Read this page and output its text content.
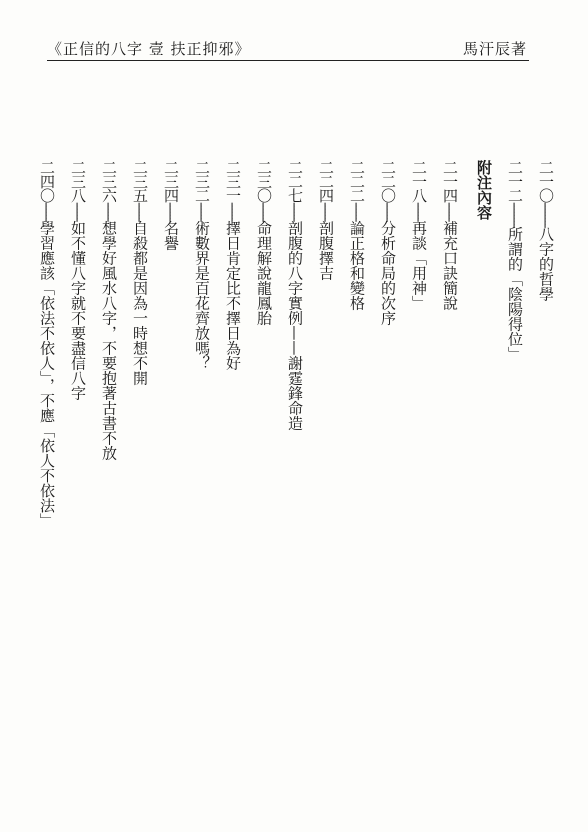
《正信的八字 壹 扶正抑邪》	馬汗辰著
二一〇--------八字的哲學
二一二--------所謂的「陰陽得位」
附注內容
二一四------補充口訣簡說
二一八------再談「用神」
二二〇------分析命局的次序
二二二------論正格和變格
二二四------剖腹擇吉
二二七------剖腹的八字實例——謝霆鋒命造
二三〇------命理解說龍鳳胎
二三一------擇日肯定比不擇日為好
二三二------術數界是百花齊放嗎？
二三四------名譽
二三五------自殺都是因為一時想不開
二三六------想學好風水八字，不要抱著古書不放
二三八------如不懂八字就不要盡信八字
二四〇------學習應該「依法不依人」，不應「依人不依法」
